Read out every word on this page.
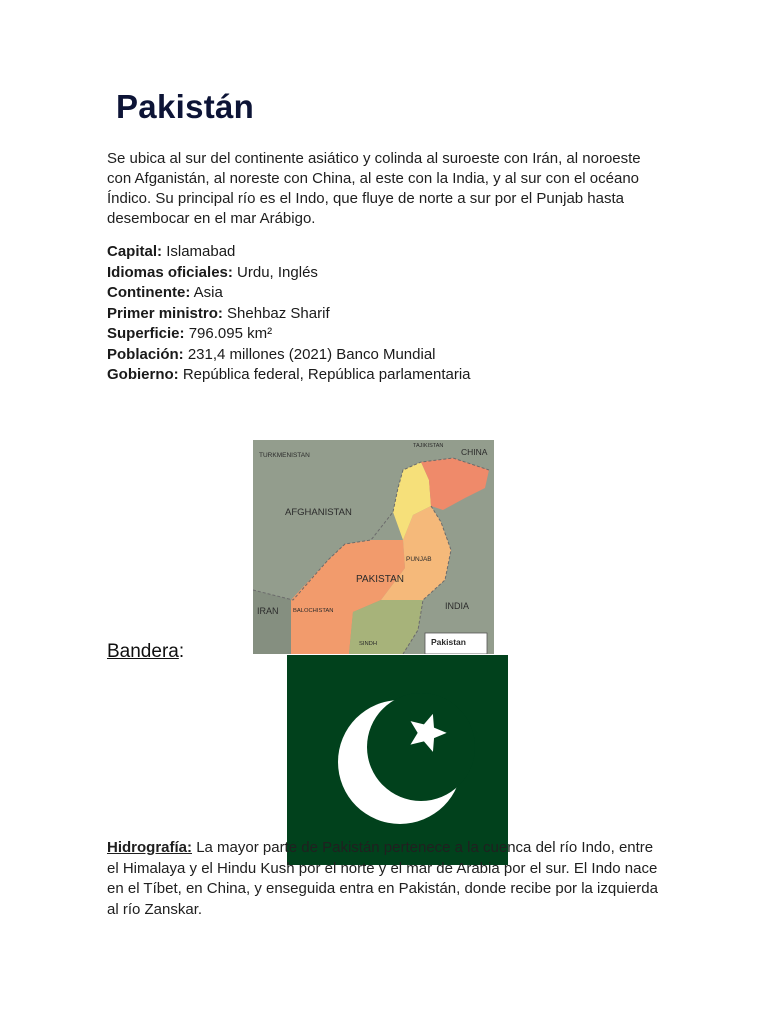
Pakistán

Se ubica al sur del continente asiático y colinda al suroeste con Irán, al noroeste con Afganistán, al noreste con China, al este con la India, y al sur con el océano Índico. Su principal río es el Indo, que fluye de norte a sur por el Punjab hasta desembocar en el mar Arábigo.

Capital: Islamabad
Idiomas oficiales: Urdu, Inglés
Continente: Asia
Primer ministro: Shehbaz Sharif
Superficie: 796.095 km²
Población: 231,4 millones (2021) Banco Mundial
Gobierno: República federal, República parlamentaria
TURKMENISTAN
TAJIKISTAN
CHINA
AFGHANISTAN
PUNJAB
PAKISTAN
IRAN	INDIA
BALOCHISTAN
SINDH	Pakistan
Bandera:

Hidrografía: La mayor parte de Pakistán pertenece a la cuenca del río Indo, entre el Himalaya y el Hindu Kush por el norte y el mar de Arabia por el sur. El Indo nace en el Tíbet, en China, y enseguida entra en Pakistán, donde recibe por la izquierda al río Zanskar.
